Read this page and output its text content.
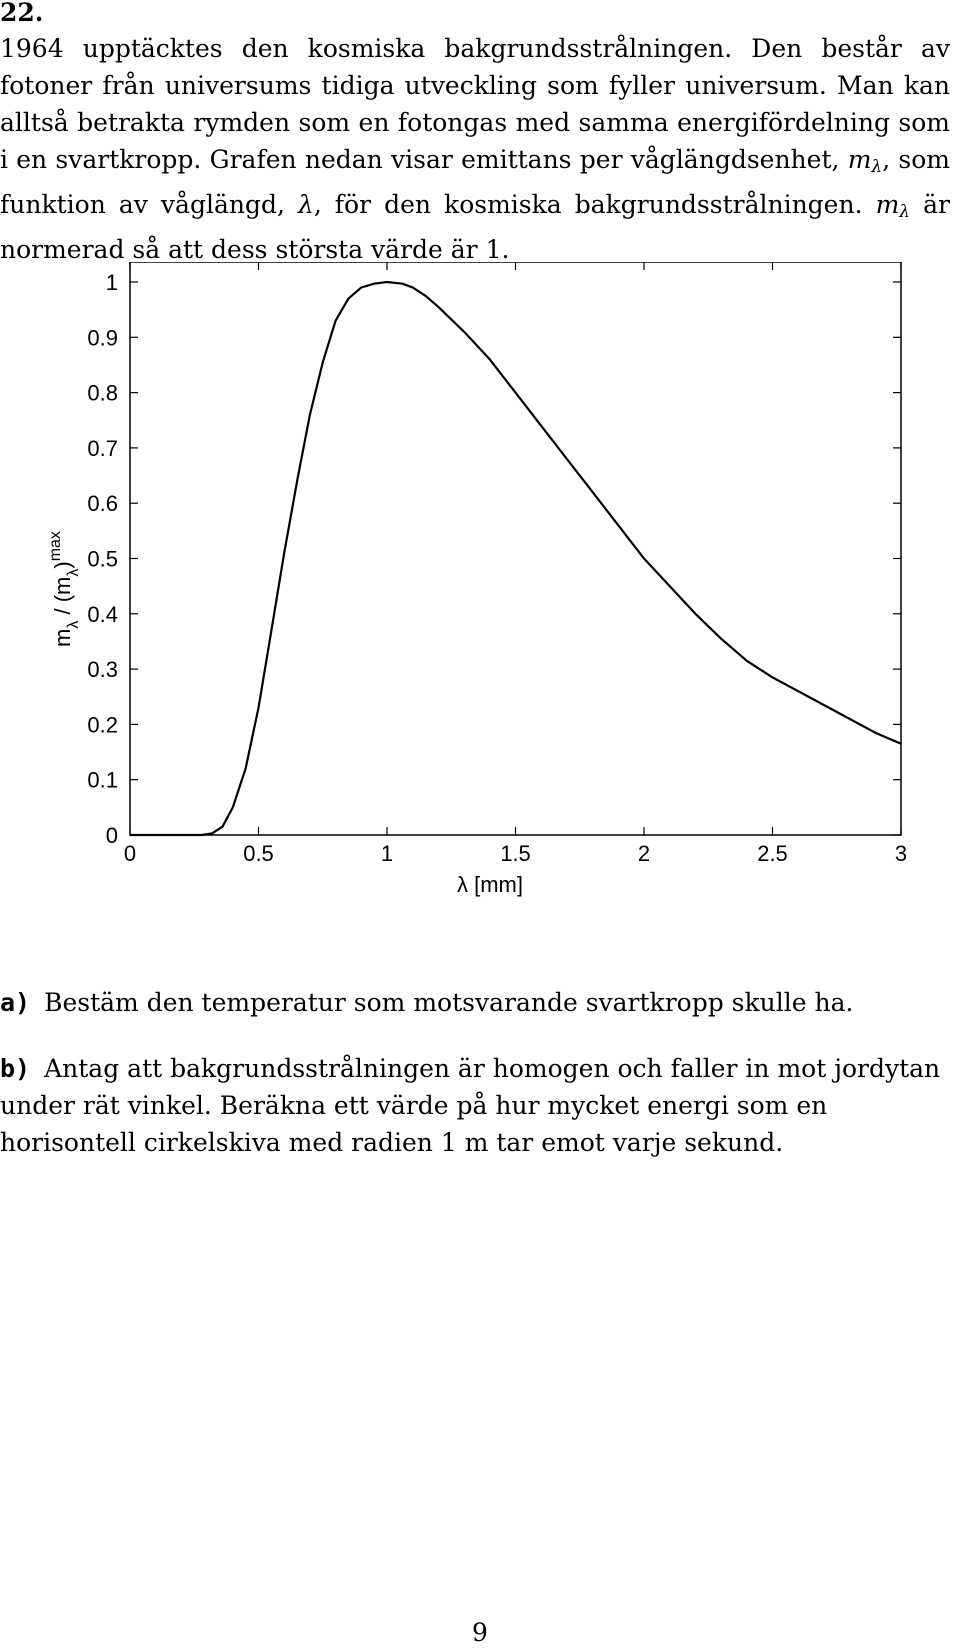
22.

1964 upptäcktes den kosmiska bakgrundsstrålningen. Den består av fotoner från universums tidiga utveckling som fyller universum. Man kan alltså betrakta rymden som en fotongas med samma energifördelning som i en svartkropp. Grafen nedan visar emittans per våglängdsenhet, $m_\lambda$, som funktion av våglängd, λ, för den kosmiska bakgrundsstrålningen. $m_\lambda$ är normerad så att dess största värde är 1.

$m_\lambda / (m_\lambda)^{max}$
λ [mm]
0	0.5	1	1.5	2	2.5	3
0
0.1
0.2
0.3
0.4
0.5
0.6
0.7
0.8
0.9
1

a) Bestäm den temperatur som motsvarande svartkropp skulle ha.

b) Antag att bakgrundsstrålningen är homogen och faller in mot jordytan under rät vinkel. Beräkna ett värde på hur mycket energi som en horisontell cirkelskiva med radien 1 m tar emot varje sekund.

9
